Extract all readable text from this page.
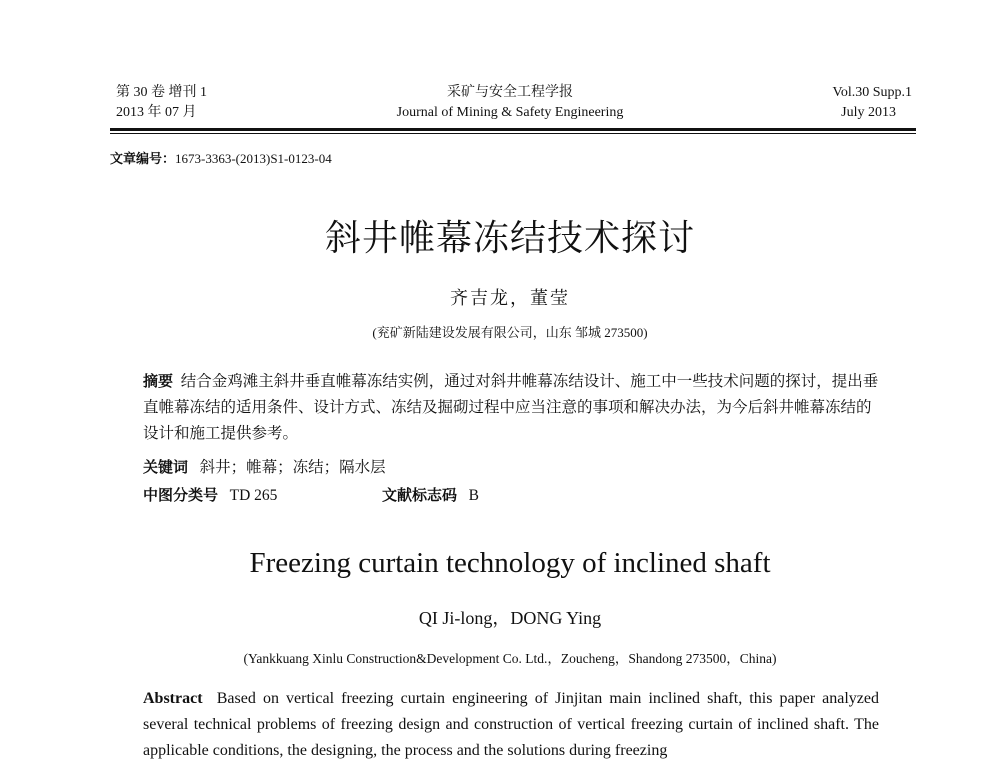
第 30 卷 增刊 1
2013 年 07 月
采矿与安全工程学报
Journal of Mining & Safety Engineering
Vol.30 Supp.1
July 2013
文章编号：1673-3363-(2013)S1-0123-04
斜井帷幕冻结技术探讨
齐吉龙，董莹
(兖矿新陆建设发展有限公司，山东 邹城 273500)
摘要 结合金鸡滩主斜井垂直帷幕冻结实例，通过对斜井帷幕冻结设计、施工中一些技术问题的探讨，提出垂直帷幕冻结的适用条件、设计方式、冻结及掘砌过程中应当注意的事项和解决办法，为今后斜井帷幕冻结的设计和施工提供参考。
关键词 斜井；帷幕；冻结；隔水层
中图分类号 TD 265	文献标志码 B
Freezing curtain technology of inclined shaft
QI Ji-long，DONG Ying
(Yankkuang Xinlu Construction&Development Co. Ltd.，Zoucheng，Shandong 273500，China)
Abstract Based on vertical freezing curtain engineering of Jinjitan main inclined shaft, this paper analyzed several technical problems of freezing design and construction of vertical freezing curtain of inclined shaft. The applicable conditions, the designing, the process and the solutions during freezing
